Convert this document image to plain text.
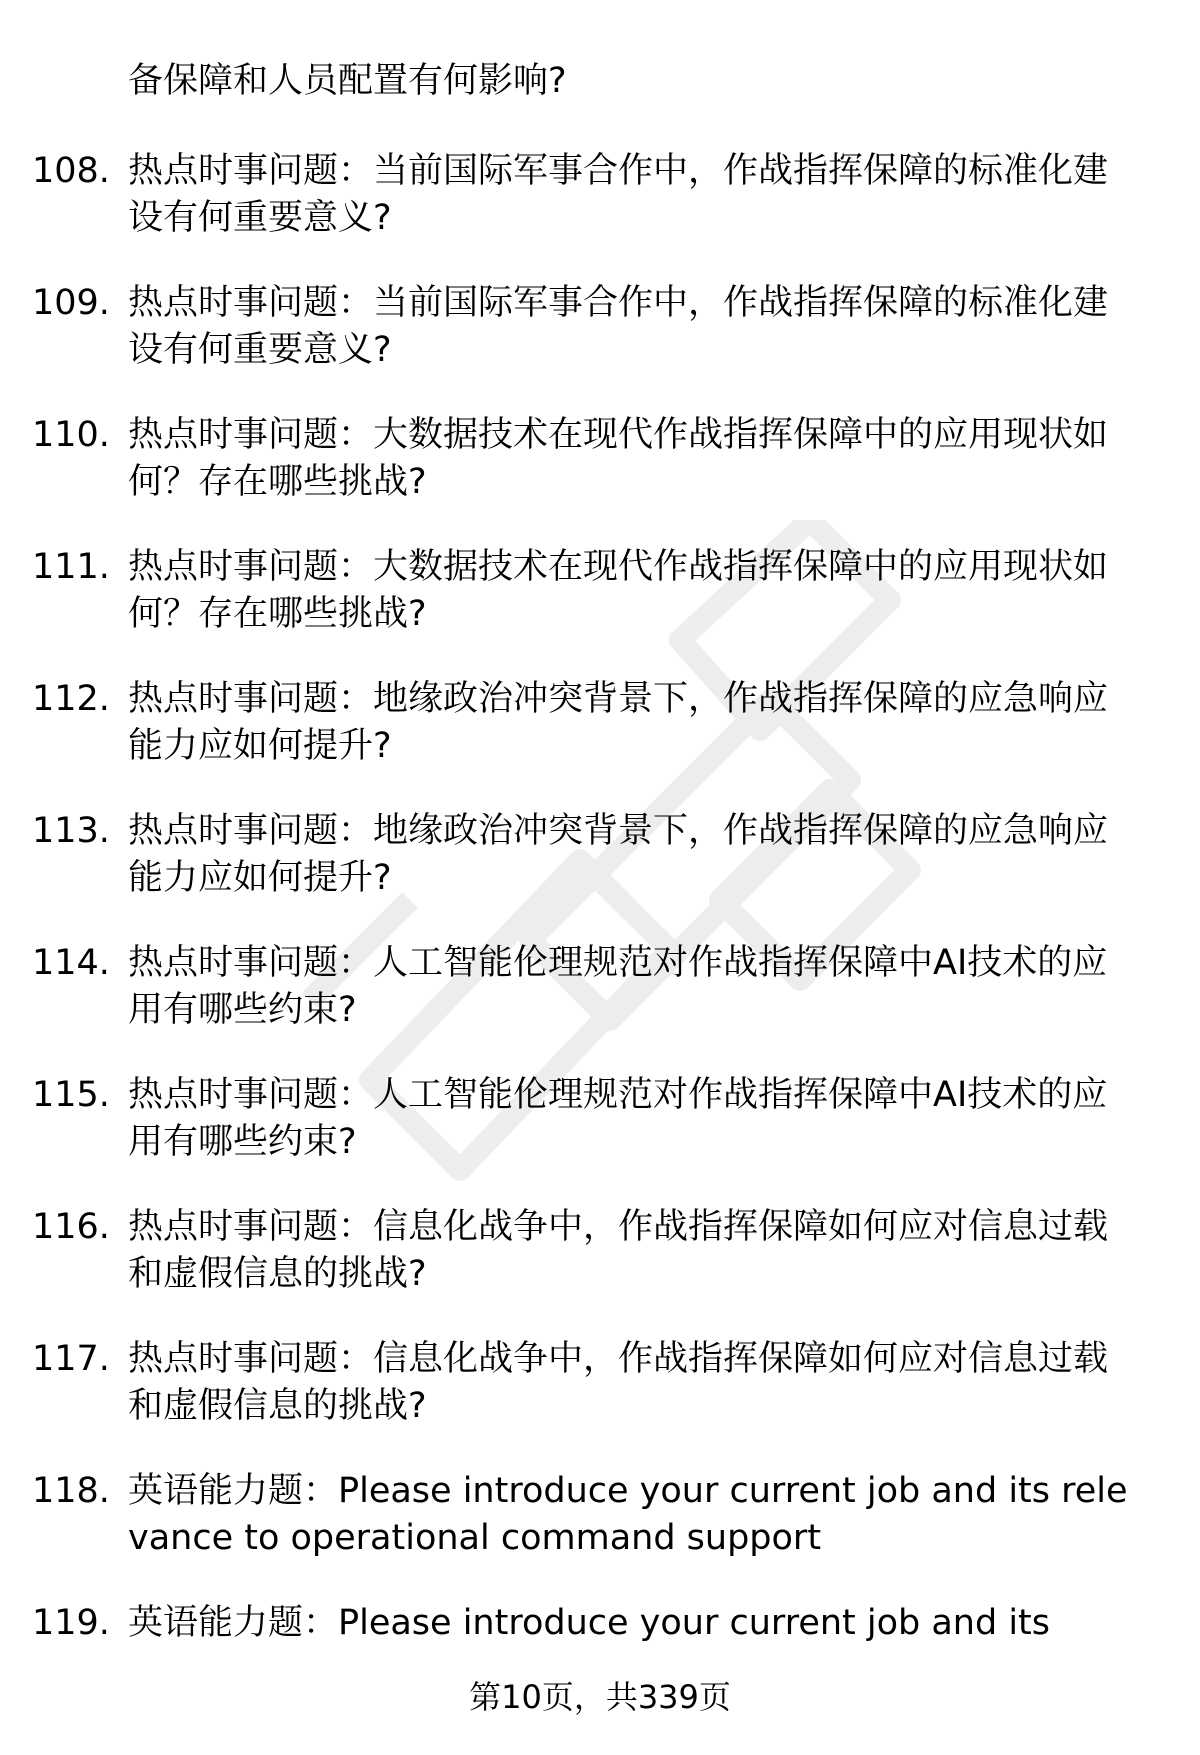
备保障和人员配置有何影响?
108. 热点时事问题：当前国际军事合作中，作战指挥保障的标准化建设有何重要意义?
109. 热点时事问题：当前国际军事合作中，作战指挥保障的标准化建设有何重要意义?
110. 热点时事问题：大数据技术在现代作战指挥保障中的应用现状如何？存在哪些挑战?
111. 热点时事问题：大数据技术在现代作战指挥保障中的应用现状如何？存在哪些挑战?
112. 热点时事问题：地缘政治冲突背景下，作战指挥保障的应急响应能力应如何提升?
113. 热点时事问题：地缘政治冲突背景下，作战指挥保障的应急响应能力应如何提升?
114. 热点时事问题：人工智能伦理规范对作战指挥保障中AI技术的应用有哪些约束?
115. 热点时事问题：人工智能伦理规范对作战指挥保障中AI技术的应用有哪些约束?
116. 热点时事问题：信息化战争中，作战指挥保障如何应对信息过载和虚假信息的挑战?
117. 热点时事问题：信息化战争中，作战指挥保障如何应对信息过载和虚假信息的挑战?
118. 英语能力题：Please introduce your current job and its relevance to operational command support
119. 英语能力题：Please introduce your current job and its
第10页，共339页
